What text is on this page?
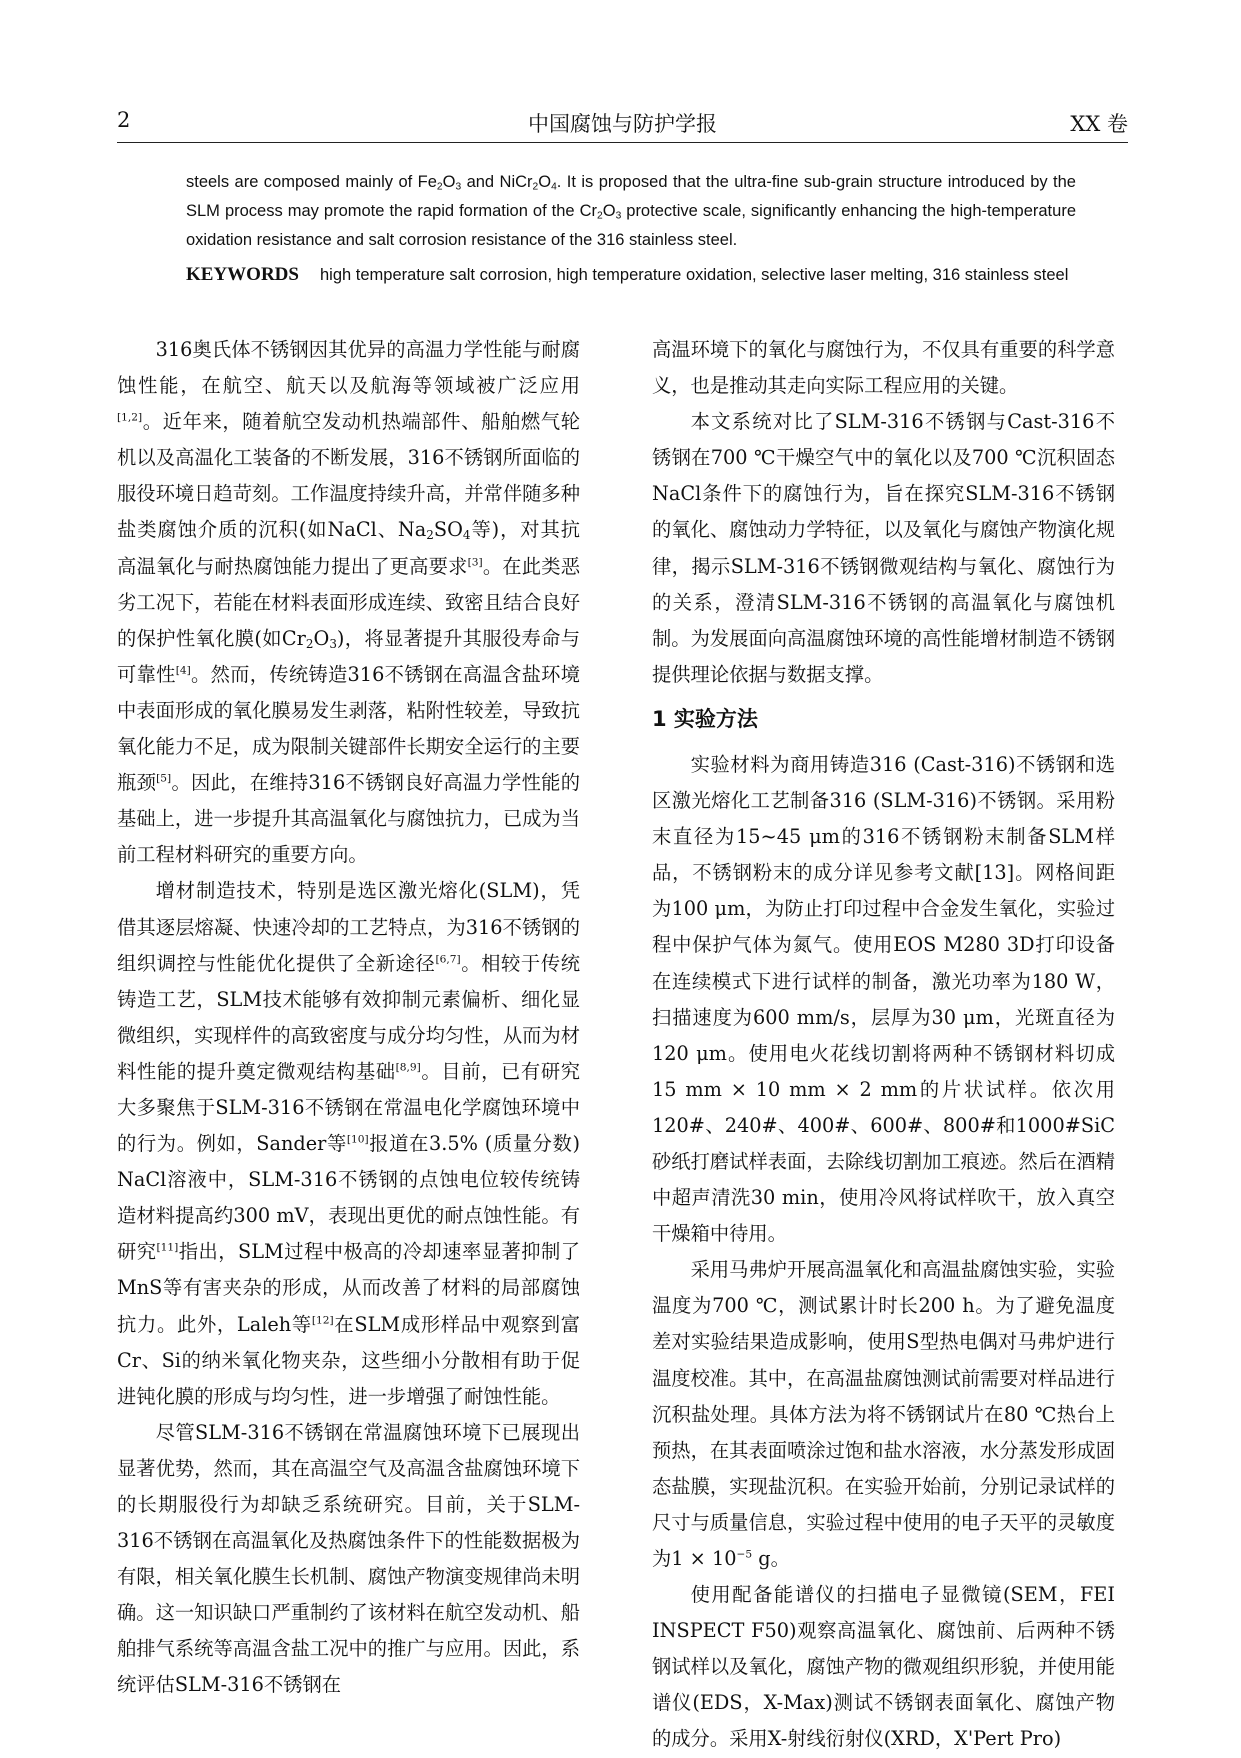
2	中国腐蚀与防护学报	XX 卷

steels are composed mainly of $Fe_2O_3$ and $NiCr_2O_4$. It is proposed that the ultra-fine sub-grain structure introduced by the SLM process may promote the rapid formation of the $Cr_2O_3$ protective scale, significantly enhancing the high-temperature oxidation resistance and salt corrosion resistance of the 316 stainless steel.

KEYWORDS high temperature salt corrosion, high temperature oxidation, selective laser melting, 316 stainless steel

316奥氏体不锈钢因其优异的高温力学性能与耐腐蚀性能，在航空、航天以及航海等领域被广泛应用[1,2]。近年来，随着航空发动机热端部件、船舶燃气轮机以及高温化工装备的不断发展，316不锈钢所面临的服役环境日趋苛刻。工作温度持续升高，并常伴随多种盐类腐蚀介质的沉积(如NaCl、$Na_2SO_4$等)，对其抗高温氧化与耐热腐蚀能力提出了更高要求[3]。在此类恶劣工况下，若能在材料表面形成连续、致密且结合良好的保护性氧化膜(如$Cr_2O_3$)，将显著提升其服役寿命与可靠性[4]。然而，传统铸造316不锈钢在高温含盐环境中表面形成的氧化膜易发生剥落，粘附性较差，导致抗氧化能力不足，成为限制关键部件长期安全运行的主要瓶颈[5]。因此，在维持316不锈钢良好高温力学性能的基础上，进一步提升其高温氧化与腐蚀抗力，已成为当前工程材料研究的重要方向。

增材制造技术，特别是选区激光熔化(SLM)，凭借其逐层熔凝、快速冷却的工艺特点，为316不锈钢的组织调控与性能优化提供了全新途径[6,7]。相较于传统铸造工艺，SLM技术能够有效抑制元素偏析、细化显微组织，实现样件的高致密度与成分均匀性，从而为材料性能的提升奠定微观结构基础[8,9]。目前，已有研究大多聚焦于SLM-316不锈钢在常温电化学腐蚀环境中的行为。例如，Sander等[10]报道在3.5% (质量分数) NaCl溶液中，SLM-316不锈钢的点蚀电位较传统铸造材料提高约300 mV，表现出更优的耐点蚀性能。有研究[11]指出，SLM过程中极高的冷却速率显著抑制了MnS等有害夹杂的形成，从而改善了材料的局部腐蚀抗力。此外，Laleh等[12]在SLM成形样品中观察到富Cr、Si的纳米氧化物夹杂，这些细小分散相有助于促进钝化膜的形成与均匀性，进一步增强了耐蚀性能。

尽管SLM-316不锈钢在常温腐蚀环境下已展现出显著优势，然而，其在高温空气及高温含盐腐蚀环境下的长期服役行为却缺乏系统研究。目前，关于SLM-316不锈钢在高温氧化及热腐蚀条件下的性能数据极为有限，相关氧化膜生长机制、腐蚀产物演变规律尚未明确。这一知识缺口严重制约了该材料在航空发动机、船舶排气系统等高温含盐工况中的推广与应用。因此，系统评估SLM-316不锈钢在

高温环境下的氧化与腐蚀行为，不仅具有重要的科学意义，也是推动其走向实际工程应用的关键。

本文系统对比了SLM-316不锈钢与Cast-316不锈钢在700 ℃干燥空气中的氧化以及700 ℃沉积固态NaCl条件下的腐蚀行为，旨在探究SLM-316不锈钢的氧化、腐蚀动力学特征，以及氧化与腐蚀产物演化规律，揭示SLM-316不锈钢微观结构与氧化、腐蚀行为的关系，澄清SLM-316不锈钢的高温氧化与腐蚀机制。为发展面向高温腐蚀环境的高性能增材制造不锈钢提供理论依据与数据支撑。

1 实验方法

实验材料为商用铸造316 (Cast-316)不锈钢和选区激光熔化工艺制备316 (SLM-316)不锈钢。采用粉末直径为15~45 μm的316不锈钢粉末制备SLM样品，不锈钢粉末的成分详见参考文献[13]。网格间距为100 μm，为防止打印过程中合金发生氧化，实验过程中保护气体为氮气。使用EOS M280 3D打印设备在连续模式下进行试样的制备，激光功率为180 W，扫描速度为600 mm/s，层厚为30 μm，光斑直径为120 μm。使用电火花线切割将两种不锈钢材料切成15 mm × 10 mm × 2 mm的片状试样。依次用120#、240#、400#、600#、800#和1000#SiC砂纸打磨试样表面，去除线切割加工痕迹。然后在酒精中超声清洗30 min，使用冷风将试样吹干，放入真空干燥箱中待用。

采用马弗炉开展高温氧化和高温盐腐蚀实验，实验温度为700 ℃，测试累计时长200 h。为了避免温度差对实验结果造成影响，使用S型热电偶对马弗炉进行温度校准。其中，在高温盐腐蚀测试前需要对样品进行沉积盐处理。具体方法为将不锈钢试片在80 ℃热台上预热，在其表面喷涂过饱和盐水溶液，水分蒸发形成固态盐膜，实现盐沉积。在实验开始前，分别记录试样的尺寸与质量信息，实验过程中使用的电子天平的灵敏度为$1 \times 10^{-5}$ g。

使用配备能谱仪的扫描电子显微镜(SEM，FEI INSPECT F50)观察高温氧化、腐蚀前、后两种不锈钢试样以及氧化，腐蚀产物的微观组织形貌，并使用能谱仪(EDS，X-Max)测试不锈钢表面氧化、腐蚀产物的成分。采用X-射线衍射仪(XRD，X'Pert Pro)
